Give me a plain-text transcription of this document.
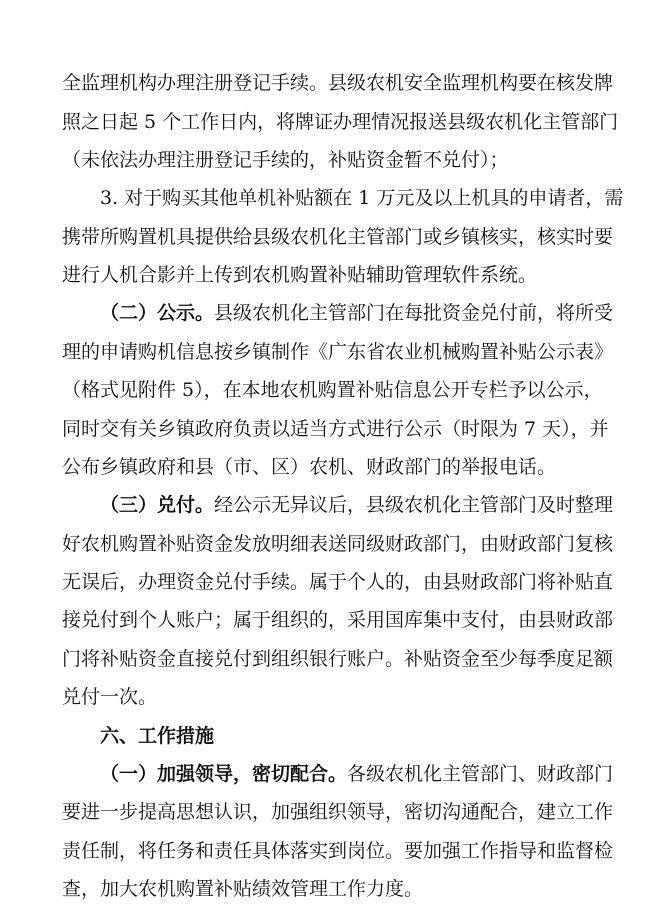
全监理机构办理注册登记手续。县级农机安全监理机构要在核发牌
照之日起 5 个工作日内，将牌证办理情况报送县级农机化主管部门
（未依法办理注册登记手续的，补贴资金暂不兑付）；
3. 对于购买其他单机补贴额在 1 万元及以上机具的申请者，需
携带所购置机具提供给县级农机化主管部门或乡镇核实，核实时要
进行人机合影并上传到农机购置补贴辅助管理软件系统。
（二）公示。县级农机化主管部门在每批资金兑付前，将所受
理的申请购机信息按乡镇制作《广东省农业机械购置补贴公示表》
（格式见附件 5），在本地农机购置补贴信息公开专栏予以公示，
同时交有关乡镇政府负责以适当方式进行公示（时限为 7 天），并
公布乡镇政府和县（市、区）农机、财政部门的举报电话。
（三）兑付。经公示无异议后，县级农机化主管部门及时整理
好农机购置补贴资金发放明细表送同级财政部门，由财政部门复核
无误后，办理资金兑付手续。属于个人的，由县财政部门将补贴直
接兑付到个人账户；属于组织的，采用国库集中支付，由县财政部
门将补贴资金直接兑付到组织银行账户。补贴资金至少每季度足额
兑付一次。
六、工作措施
（一）加强领导，密切配合。各级农机化主管部门、财政部门
要进一步提高思想认识，加强组织领导，密切沟通配合，建立工作
责任制，将任务和责任具体落实到岗位。要加强工作指导和监督检
查，加大农机购置补贴绩效管理工作力度。
